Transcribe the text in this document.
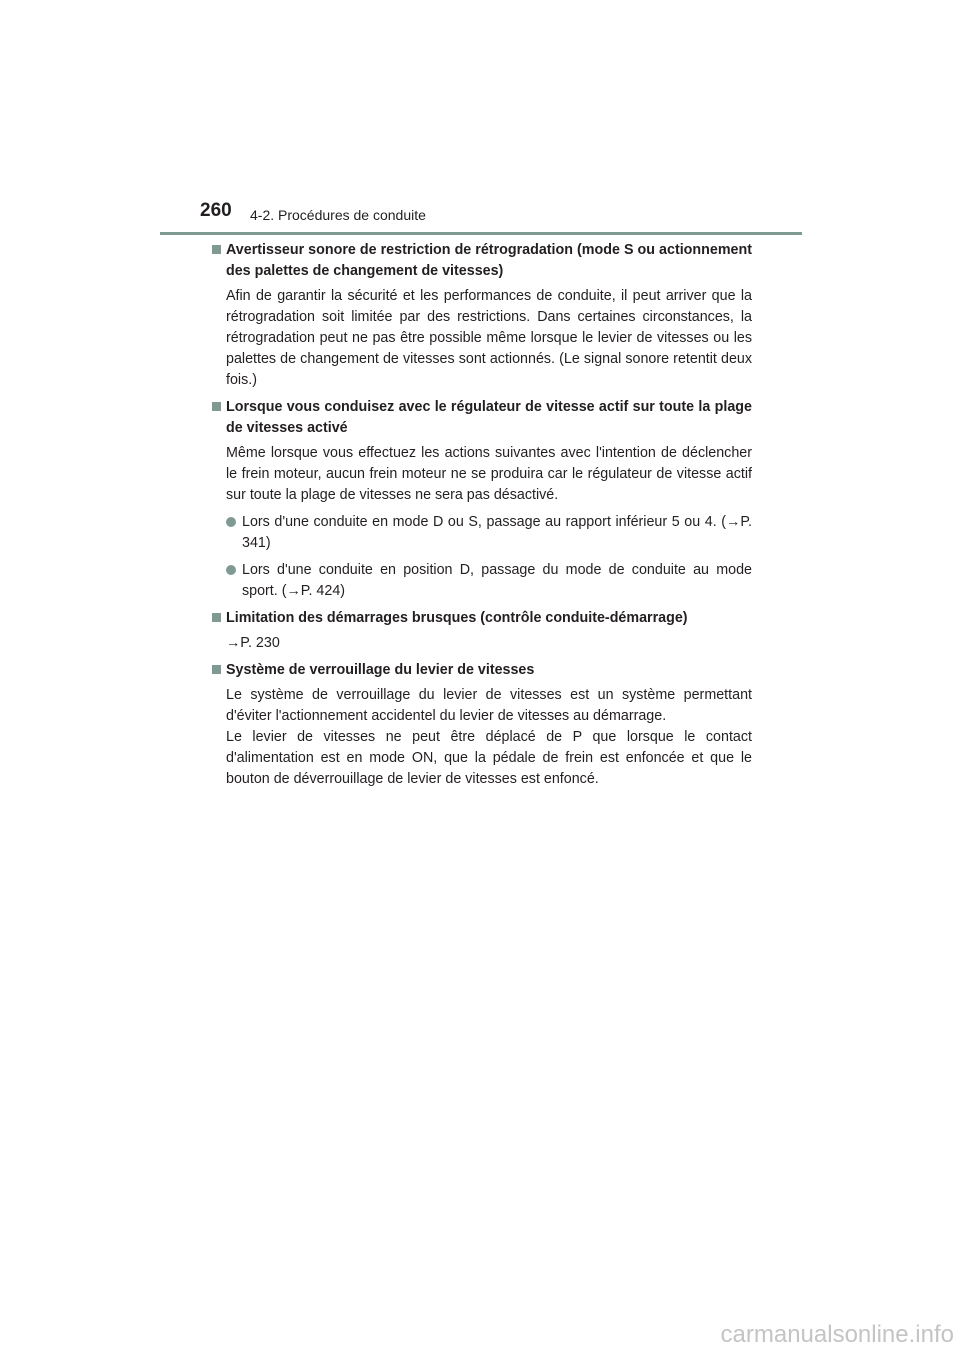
260 4-2. Procédures de conduite
Avertisseur sonore de restriction de rétrogradation (mode S ou actionnement des palettes de changement de vitesses)

Afin de garantir la sécurité et les performances de conduite, il peut arriver que la rétrogradation soit limitée par des restrictions. Dans certaines circonstances, la rétrogradation peut ne pas être possible même lorsque le levier de vitesses ou les palettes de changement de vitesses sont actionnés. (Le signal sonore retentit deux fois.)

Lorsque vous conduisez avec le régulateur de vitesse actif sur toute la plage de vitesses activé

Même lorsque vous effectuez les actions suivantes avec l'intention de déclencher le frein moteur, aucun frein moteur ne se produira car le régulateur de vitesse actif sur toute la plage de vitesses ne sera pas désactivé.

Lors d'une conduite en mode D ou S, passage au rapport inférieur 5 ou 4. (→P. 341)
Lors d'une conduite en position D, passage du mode de conduite au mode sport. (→P. 424)
Limitation des démarrages brusques (contrôle conduite-démarrage)

→P. 230

Système de verrouillage du levier de vitesses

Le système de verrouillage du levier de vitesses est un système permettant d'éviter l'actionnement accidentel du levier de vitesses au démarrage.

Le levier de vitesses ne peut être déplacé de P que lorsque le contact d'alimentation est en mode ON, que la pédale de frein est enfoncée et que le bouton de déverrouillage de levier de vitesses est enfoncé.

carmanualsonline.info
